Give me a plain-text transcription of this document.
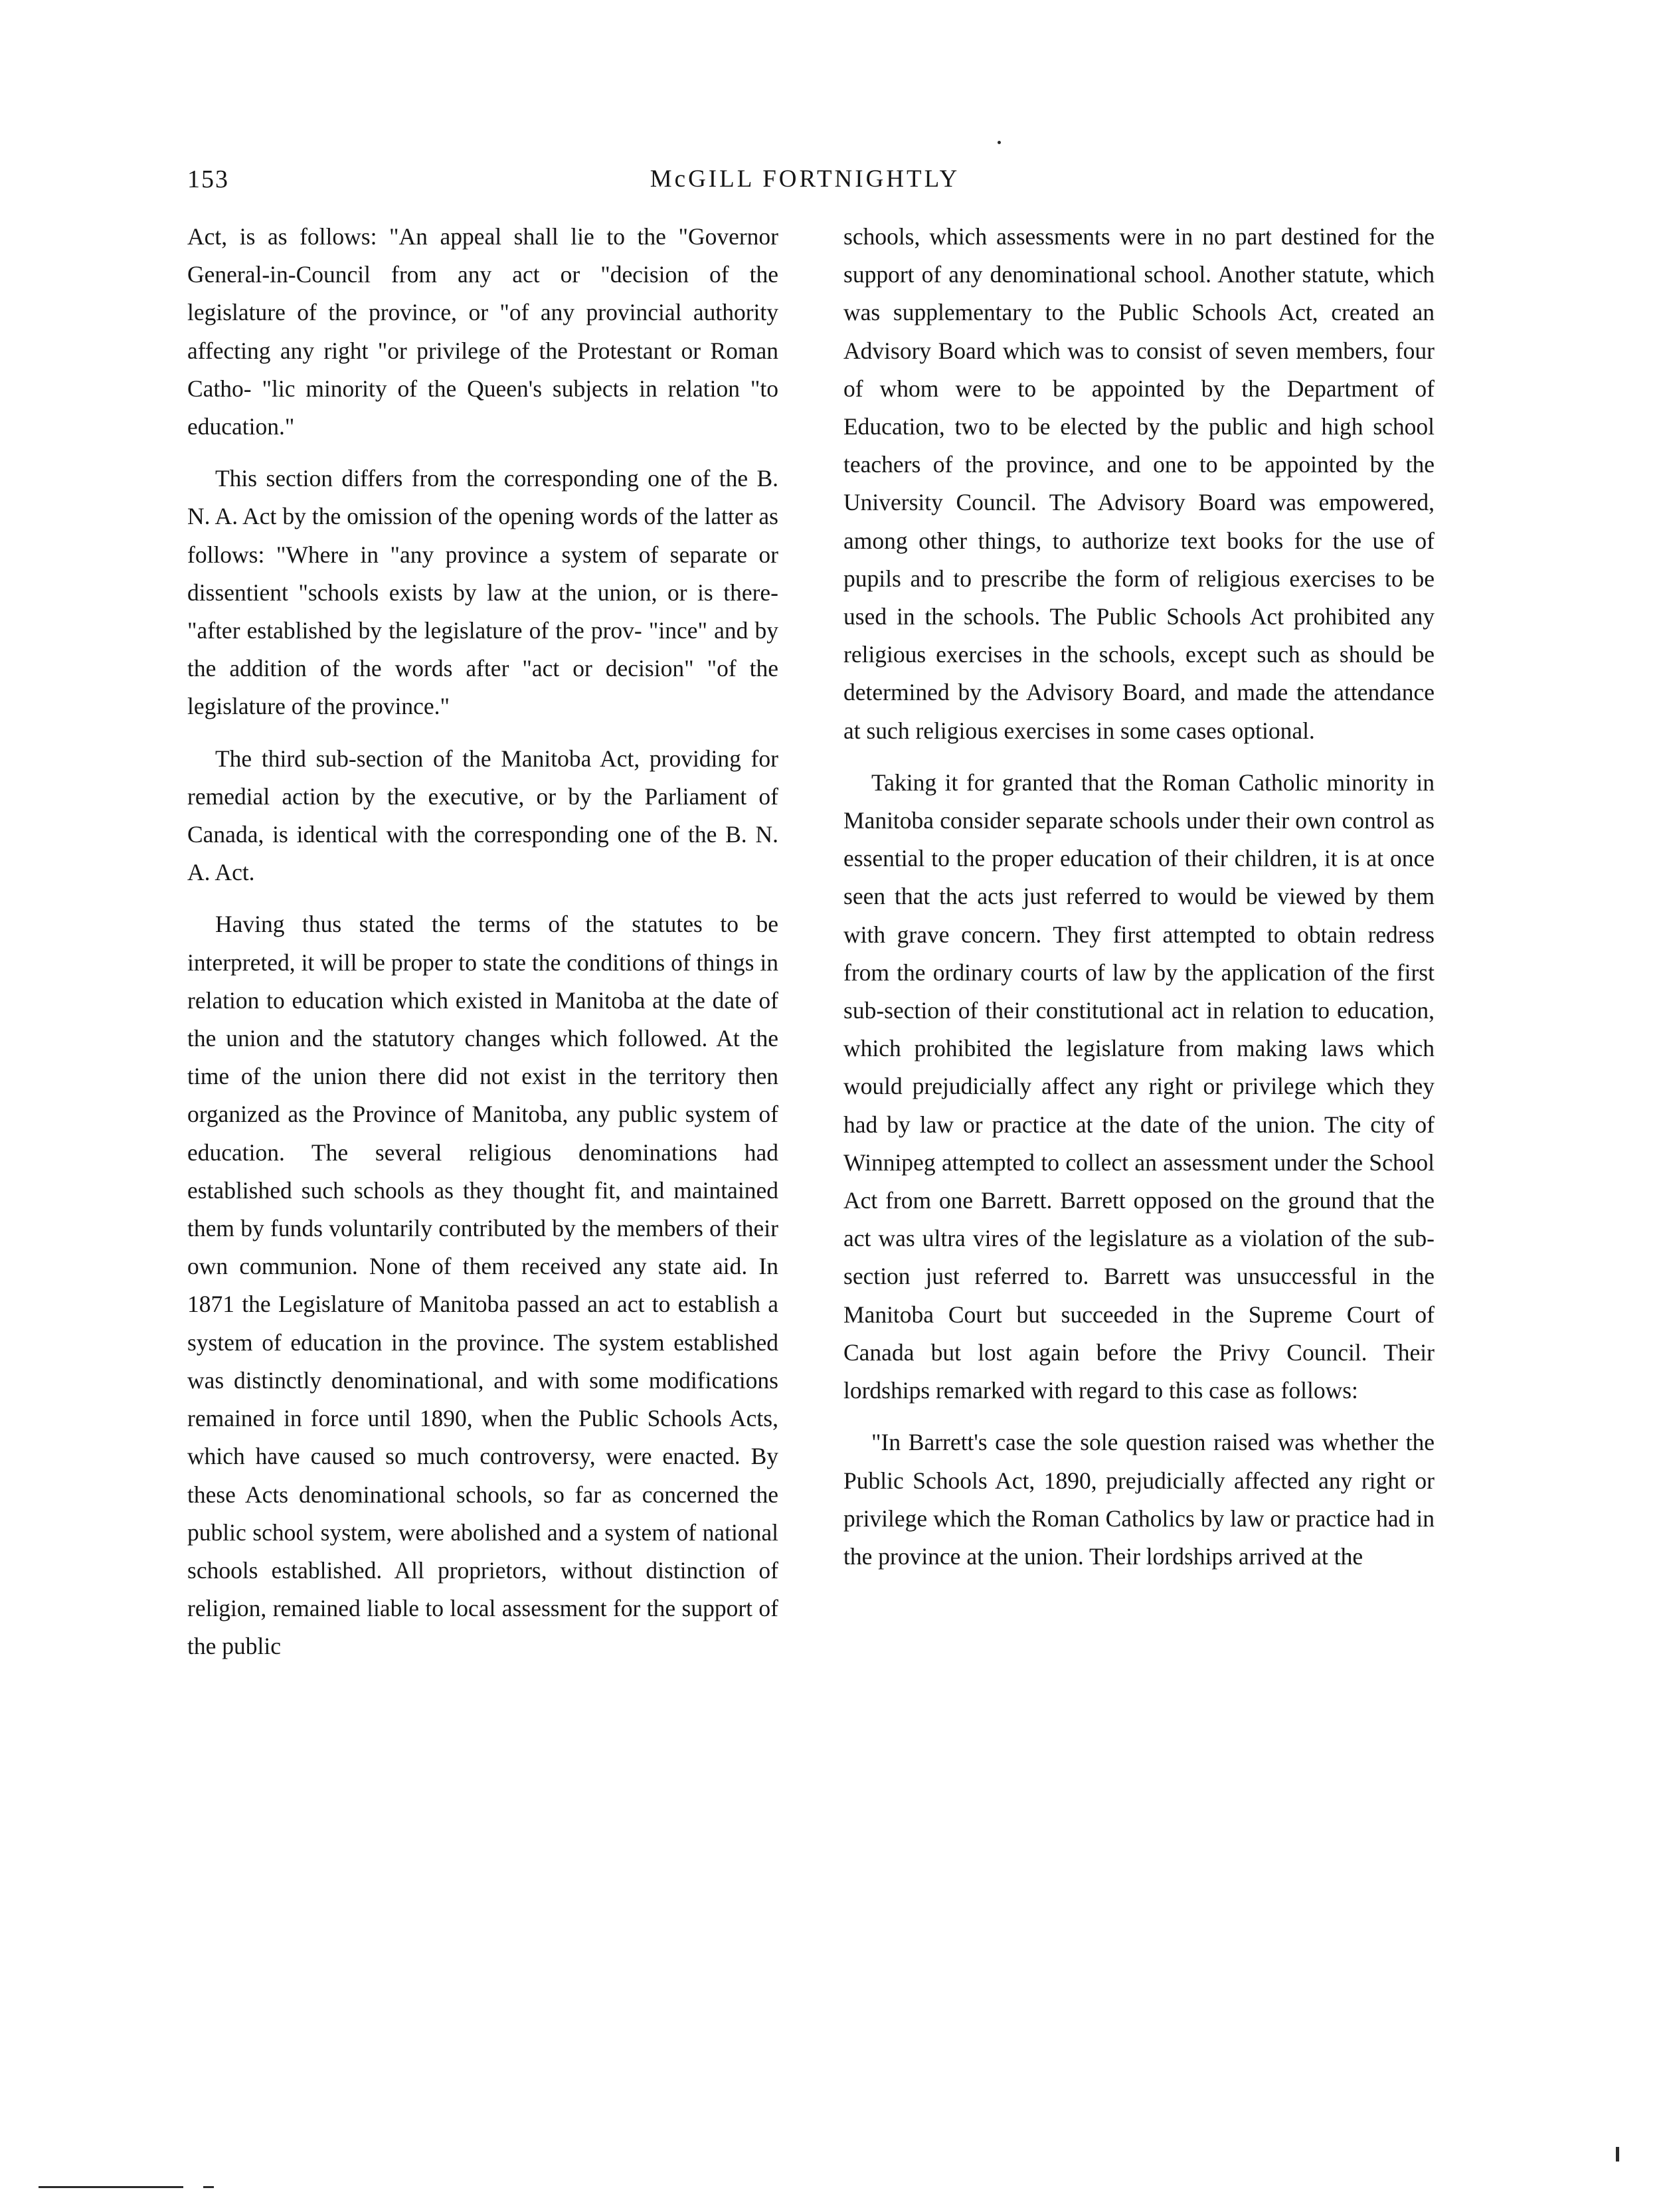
153	McGILL FORTNIGHTLY

Act, is as follows: "An appeal shall lie to the "Governor General-in-Council from any act or "decision of the legislature of the province, or "of any provincial authority affecting any right "or privilege of the Protestant or Roman Catho- "lic minority of the Queen's subjects in relation "to education."

This section differs from the corresponding one of the B. N. A. Act by the omission of the opening words of the latter as follows: "Where in "any province a system of separate or dissentient "schools exists by law at the union, or is there- "after established by the legislature of the prov- "ince" and by the addition of the words after "act or decision" "of the legislature of the province."

The third sub-section of the Manitoba Act, providing for remedial action by the executive, or by the Parliament of Canada, is identical with the corresponding one of the B. N. A. Act.

Having thus stated the terms of the statutes to be interpreted, it will be proper to state the conditions of things in relation to education which existed in Manitoba at the date of the union and the statutory changes which followed. At the time of the union there did not exist in the territory then organized as the Province of Manitoba, any public system of education. The several religious denominations had established such schools as they thought fit, and maintained them by funds voluntarily contributed by the members of their own communion. None of them received any state aid. In 1871 the Legislature of Manitoba passed an act to establish a system of education in the province. The system established was distinctly denominational, and with some modifications remained in force until 1890, when the Public Schools Acts, which have caused so much controversy, were enacted. By these Acts denominational schools, so far as concerned the public school system, were abolished and a system of national schools established. All proprietors, without distinction of religion, remained liable to local assessment for the support of the public

schools, which assessments were in no part destined for the support of any denominational school. Another statute, which was supplementary to the Public Schools Act, created an Advisory Board which was to consist of seven members, four of whom were to be appointed by the Department of Education, two to be elected by the public and high school teachers of the province, and one to be appointed by the University Council. The Advisory Board was empowered, among other things, to authorize text books for the use of pupils and to prescribe the form of religious exercises to be used in the schools. The Public Schools Act prohibited any religious exercises in the schools, except such as should be determined by the Advisory Board, and made the attendance at such religious exercises in some cases optional.

Taking it for granted that the Roman Catholic minority in Manitoba consider separate schools under their own control as essential to the proper education of their children, it is at once seen that the acts just referred to would be viewed by them with grave concern. They first attempted to obtain redress from the ordinary courts of law by the application of the first sub-section of their constitutional act in relation to education, which prohibited the legislature from making laws which would prejudicially affect any right or privilege which they had by law or practice at the date of the union. The city of Winnipeg attempted to collect an assessment under the School Act from one Barrett. Barrett opposed on the ground that the act was ultra vires of the legislature as a violation of the sub-section just referred to. Barrett was unsuccessful in the Manitoba Court but succeeded in the Supreme Court of Canada but lost again before the Privy Council. Their lordships remarked with regard to this case as follows:

"In Barrett's case the sole question raised was whether the Public Schools Act, 1890, prejudicially affected any right or privilege which the Roman Catholics by law or practice had in the province at the union. Their lordships arrived at the
